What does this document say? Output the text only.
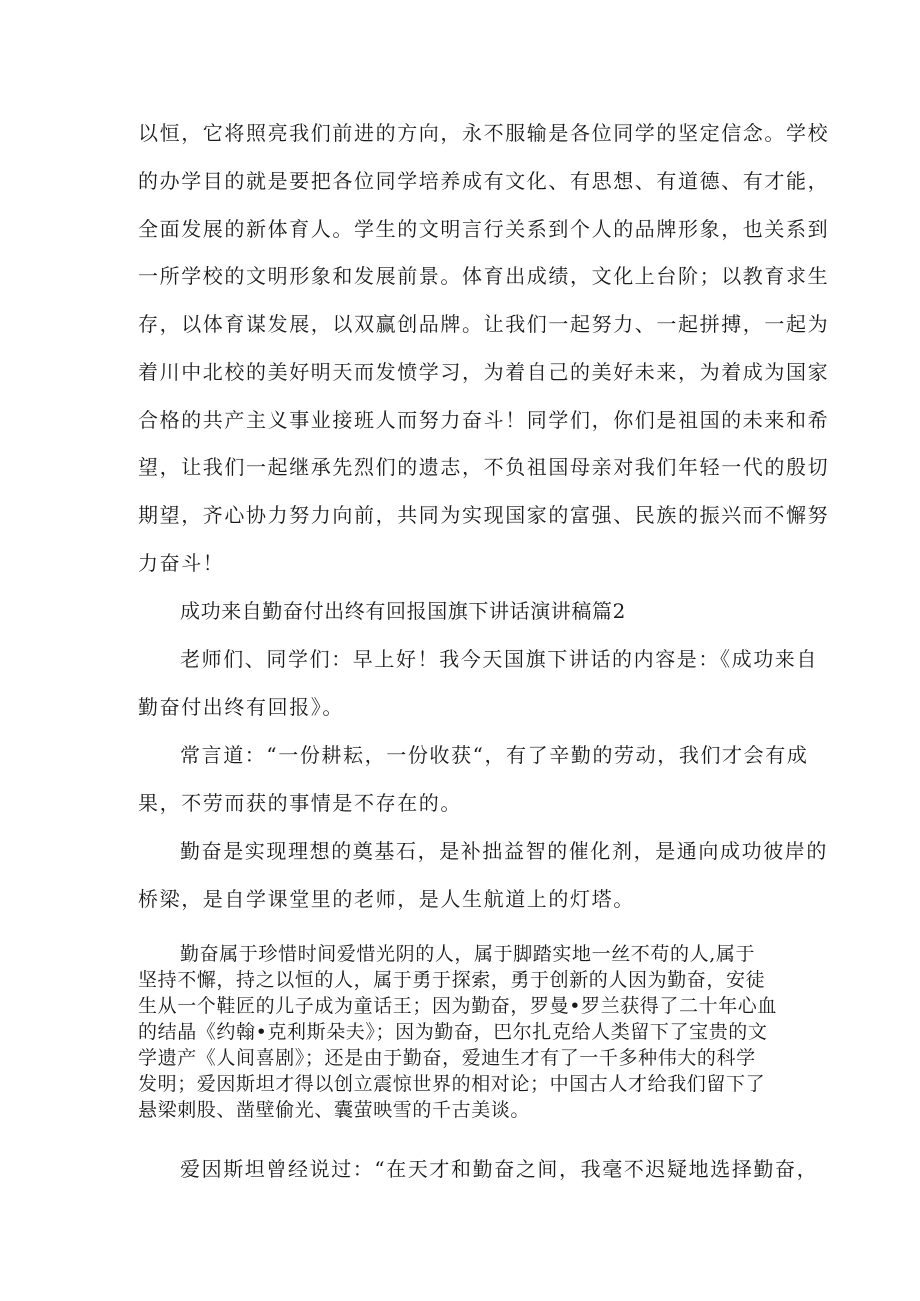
以恒，它将照亮我们前进的方向，永不服输是各位同学的坚定信念。学校
的办学目的就是要把各位同学培养成有文化、有思想、有道德、有才能，
全面发展的新体育人。学生的文明言行关系到个人的品牌形象，也关系到
一所学校的文明形象和发展前景。体育出成绩，文化上台阶；以教育求生
存，以体育谋发展，以双赢创品牌。让我们一起努力、一起拼搏，一起为
着川中北校的美好明天而发愤学习，为着自己的美好未来，为着成为国家
合格的共产主义事业接班人而努力奋斗！同学们，你们是祖国的未来和希
望，让我们一起继承先烈们的遗志，不负祖国母亲对我们年轻一代的殷切
期望，齐心协力努力向前，共同为实现国家的富强、民族的振兴而不懈努
力奋斗！
成功来自勤奋付出终有回报国旗下讲话演讲稿篇2
老师们、同学们：早上好！我今天国旗下讲话的内容是：《成功来自
勤奋付出终有回报》。
常言道：“一份耕耘，一份收获“，有了辛勤的劳动，我们才会有成
果，不劳而获的事情是不存在的。
勤奋是实现理想的奠基石，是补拙益智的催化剂，是通向成功彼岸的
桥梁，是自学课堂里的老师，是人生航道上的灯塔。
勤奋属于珍惜时间爱惜光阴的人，属于脚踏实地一丝不苟的人,属于
坚持不懈，持之以恒的人，属于勇于探索，勇于创新的人因为勤奋，安徒
生从一个鞋匠的儿子成为童话王；因为勤奋，罗曼•罗兰获得了二十年心血
的结晶《约翰•克利斯朵夫》；因为勤奋，巴尔扎克给人类留下了宝贵的文
学遗产《人间喜剧》；还是由于勤奋，爱迪生才有了一千多种伟大的科学
发明；爱因斯坦才得以创立震惊世界的相对论；中国古人才给我们留下了
悬梁刺股、凿壁偷光、囊萤映雪的千古美谈。
爱因斯坦曾经说过：“在天才和勤奋之间，我毫不迟疑地选择勤奋，
